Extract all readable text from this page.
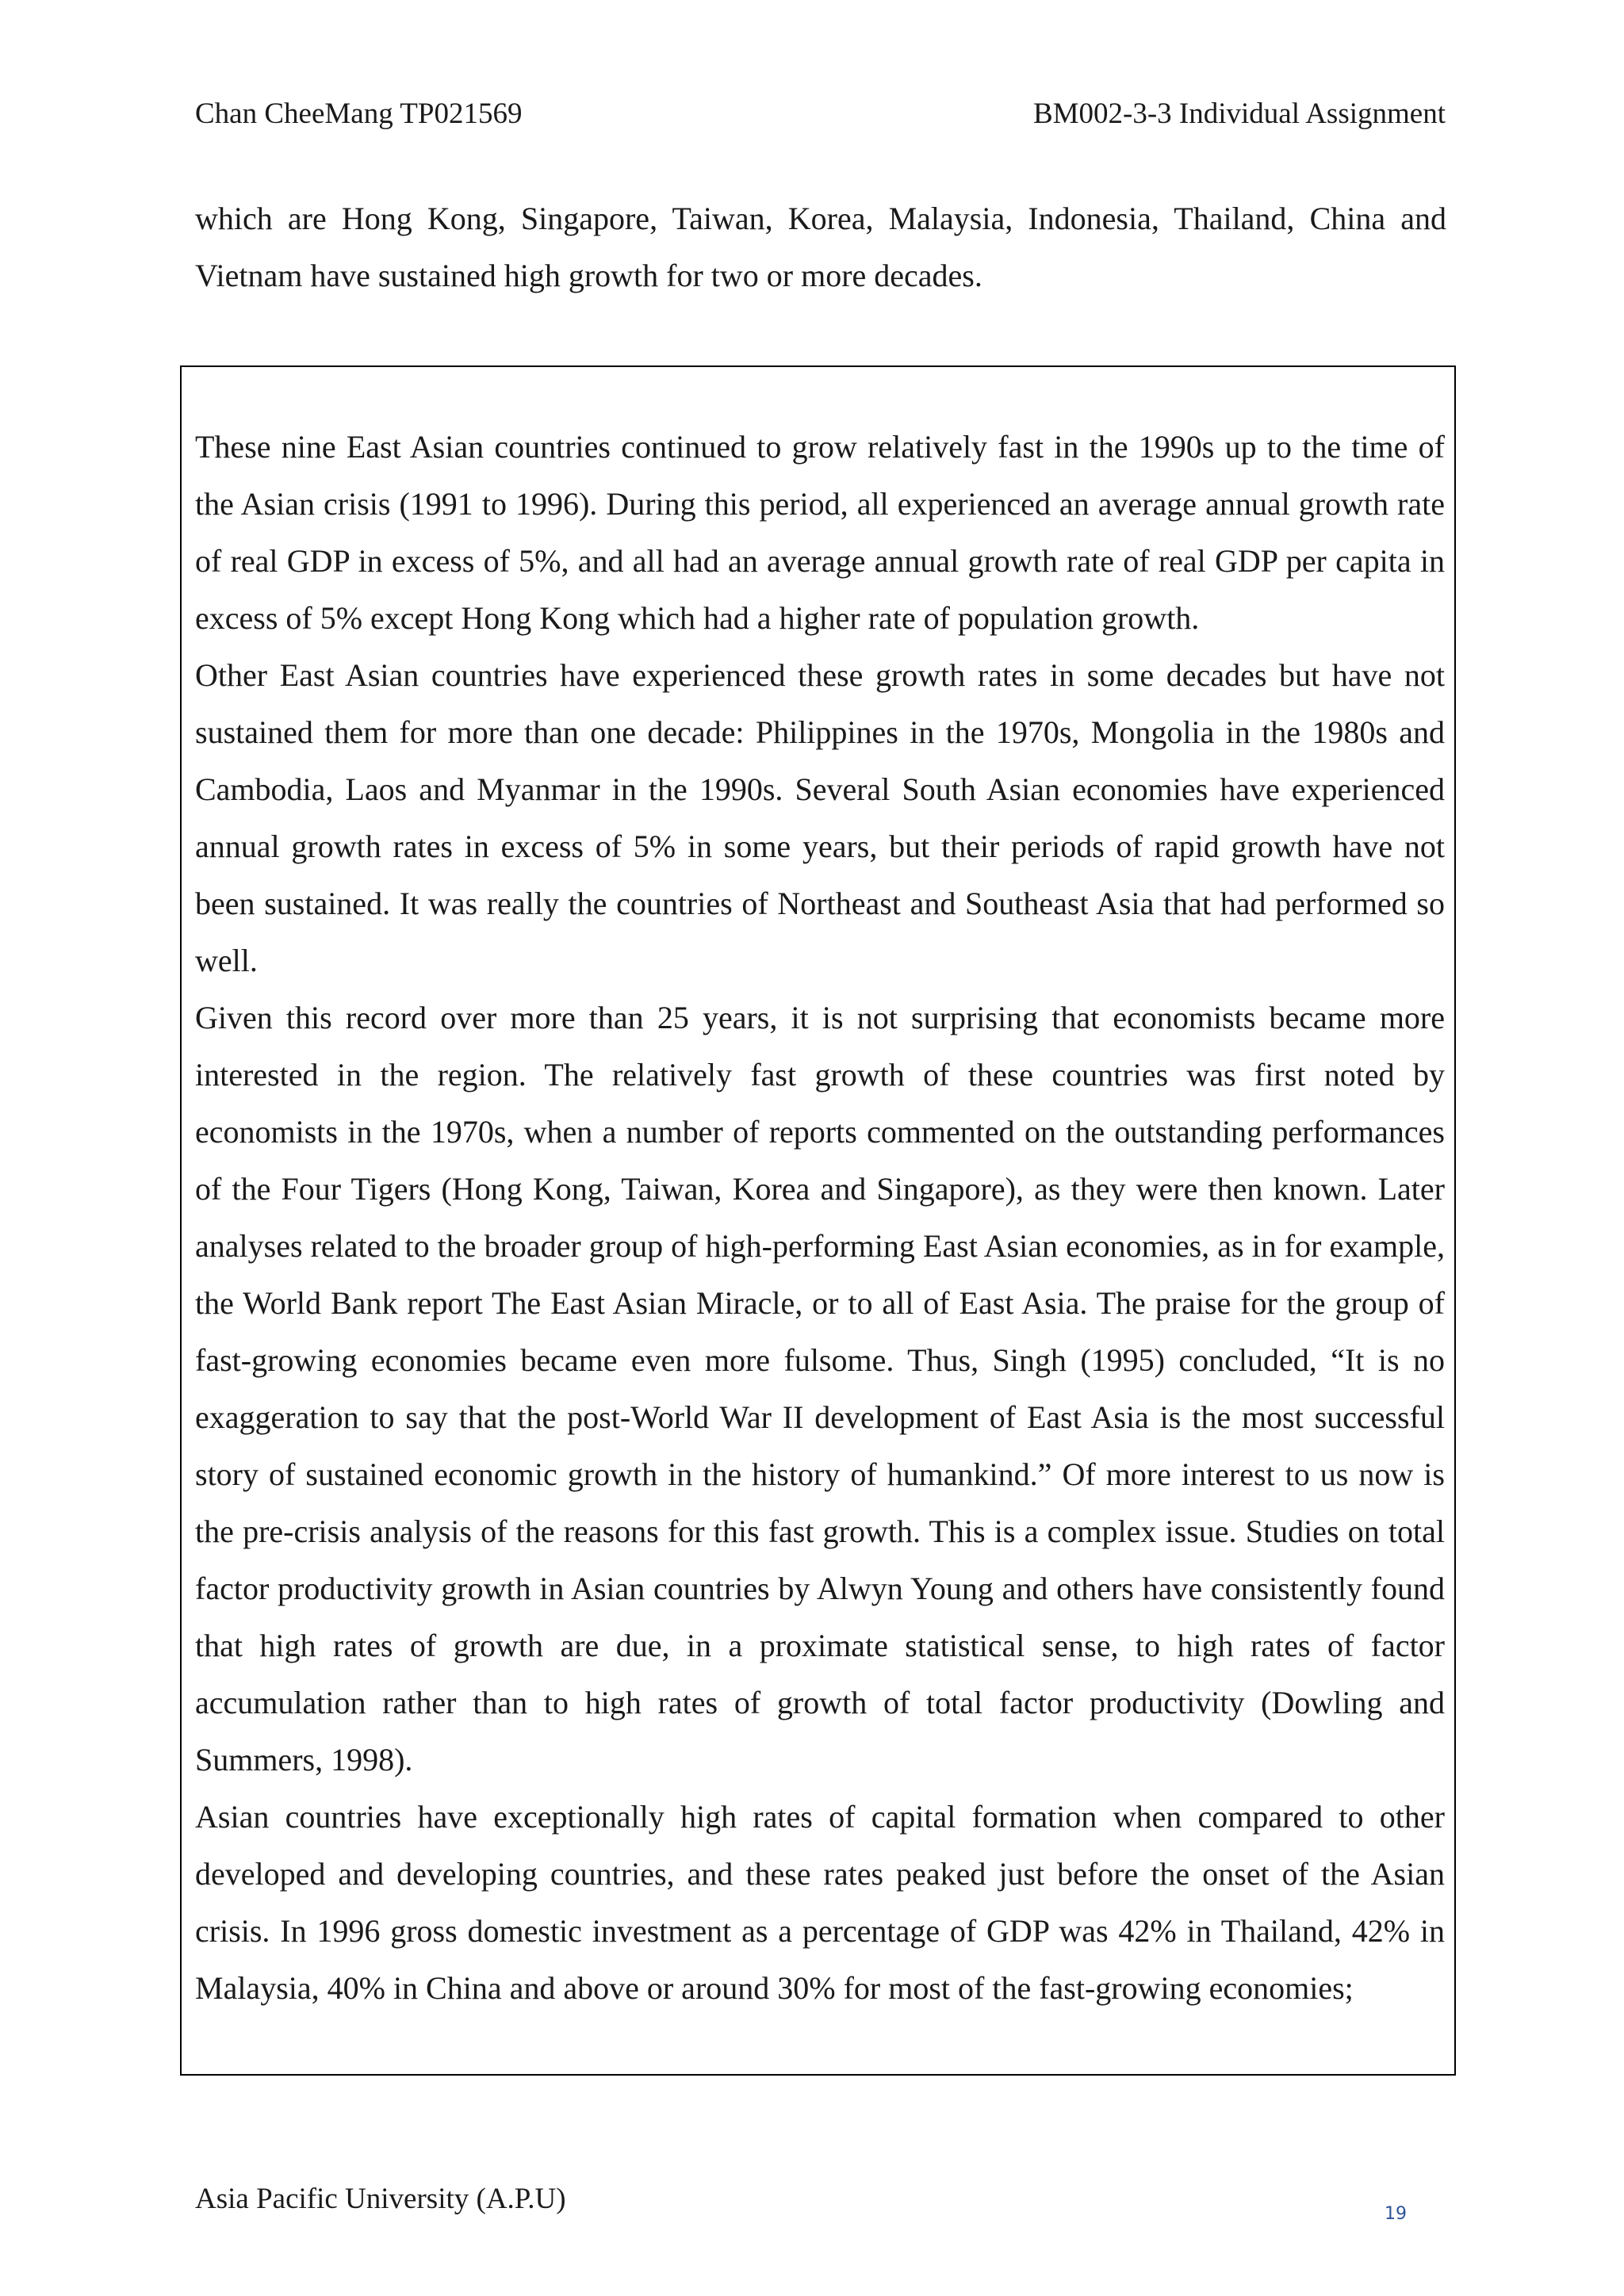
Chan CheeMang TP021569	BM002-3-3 Individual Assignment

which are Hong Kong, Singapore, Taiwan, Korea, Malaysia, Indonesia, Thailand, China and Vietnam have sustained high growth for two or more decades.

These nine East Asian countries continued to grow relatively fast in the 1990s up to the time of the Asian crisis (1991 to 1996). During this period, all experienced an average annual growth rate of real GDP in excess of 5%, and all had an average annual growth rate of real GDP per capita in excess of 5% except Hong Kong which had a higher rate of population growth.

Other East Asian countries have experienced these growth rates in some decades but have not sustained them for more than one decade: Philippines in the 1970s, Mongolia in the 1980s and Cambodia, Laos and Myanmar in the 1990s. Several South Asian economies have experienced annual growth rates in excess of 5% in some years, but their periods of rapid growth have not been sustained. It was really the countries of Northeast and Southeast Asia that had performed so well.

Given this record over more than 25 years, it is not surprising that economists became more interested in the region. The relatively fast growth of these countries was first noted by economists in the 1970s, when a number of reports commented on the outstanding performances of the Four Tigers (Hong Kong, Taiwan, Korea and Singapore), as they were then known. Later analyses related to the broader group of high-performing East Asian economies, as in for example, the World Bank report The East Asian Miracle, or to all of East Asia. The praise for the group of fast-growing economies became even more fulsome. Thus, Singh (1995) concluded, “It is no exaggeration to say that the post-World War II development of East Asia is the most successful story of sustained economic growth in the history of humankind.” Of more interest to us now is the pre-crisis analysis of the reasons for this fast growth. This is a complex issue. Studies on total factor productivity growth in Asian countries by Alwyn Young and others have consistently found that high rates of growth are due, in a proximate statistical sense, to high rates of factor accumulation rather than to high rates of growth of total factor productivity (Dowling and Summers, 1998).

Asian countries have exceptionally high rates of capital formation when compared to other developed and developing countries, and these rates peaked just before the onset of the Asian crisis. In 1996 gross domestic investment as a percentage of GDP was 42% in Thailand, 42% in Malaysia, 40% in China and above or around 30% for most of the fast-growing economies;

Asia Pacific University (A.P.U)	19
